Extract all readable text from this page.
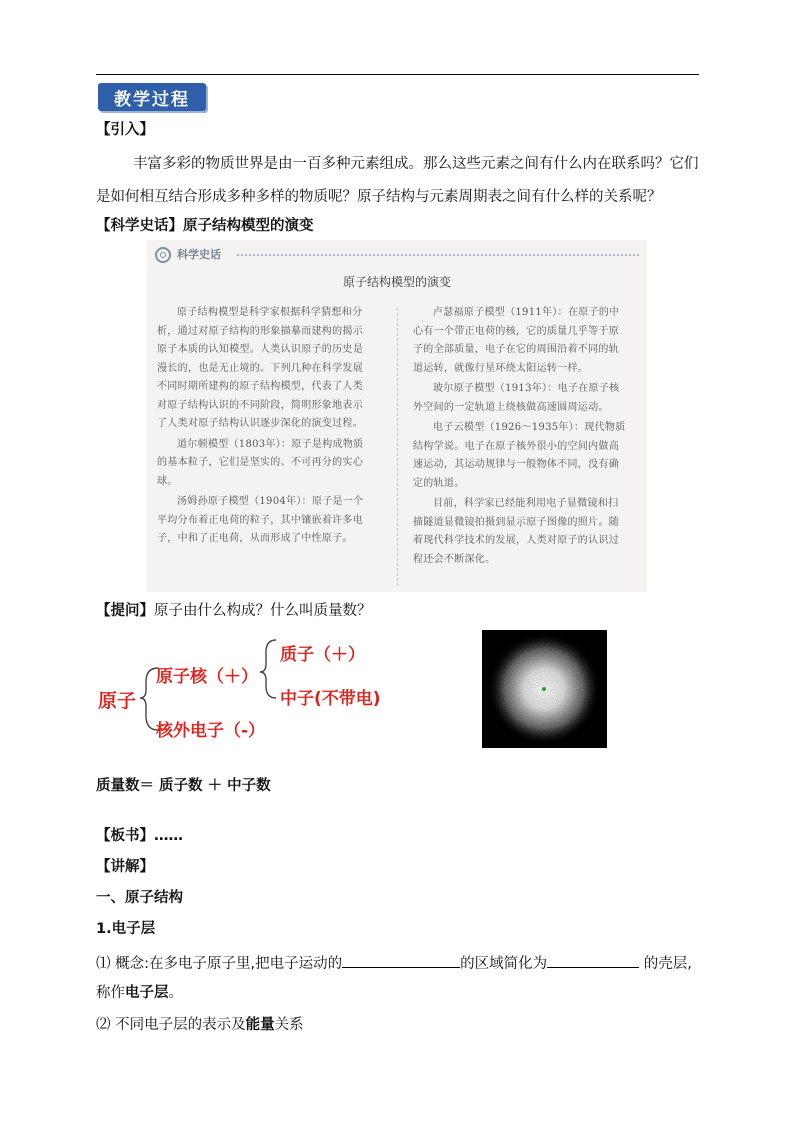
教学过程
【引入】
丰富多彩的物质世界是由一百多种元素组成。那么这些元素之间有什么内在联系吗？它们是如何相互结合形成多种多样的物质呢？原子结构与元素周期表之间有什么样的关系呢？
【科学史话】原子结构模型的演变
科学史话
原子结构模型的演变

原子结构模型是科学家根据科学猜想和分析，通过对原子结构的形象描摹而建构的揭示原子本质的认知模型。人类认识原子的历史是漫长的，也是无止境的。下列几种在科学发展不同时期所建构的原子结构模型，代表了人类对原子结构认识的不同阶段，简明形象地表示了人类对原子结构认识逐步深化的演变过程。

道尔顿模型（1803年）：原子是构成物质的基本粒子，它们是坚实的、不可再分的实心球。

汤姆孙原子模型（1904年）：原子是一个平均分布着正电荷的粒子，其中镶嵌着许多电子，中和了正电荷，从而形成了中性原子。

卢瑟福原子模型（1911年）：在原子的中心有一个带正电荷的核，它的质量几乎等于原子的全部质量，电子在它的周围沿着不同的轨道运转，就像行星环绕太阳运转一样。

玻尔原子模型（1913年）：电子在原子核外空间的一定轨道上绕核做高速圆周运动。

电子云模型（1926～1935年）：现代物质结构学说。电子在原子核外很小的空间内做高速运动，其运动规律与一般物体不同，没有确定的轨道。

目前，科学家已经能利用电子显微镜和扫描隧道显微镜拍摄到显示原子图像的照片。随着现代科学技术的发展，人类对原子的认识过程还会不断深化。

【提问】原子由什么构成？什么叫质量数？
原子
原子核（＋）
质子（＋）
中子(不带电)
核外电子（-）
质量数＝ 质子数 ＋ 中子数
【板书】……
【讲解】
一、原子结构
1.电子层
⑴ 概念:在多电子原子里,把电子运动的	的区域简化为	的壳层,
称作电子层。
⑵ 不同电子层的表示及能量关系
